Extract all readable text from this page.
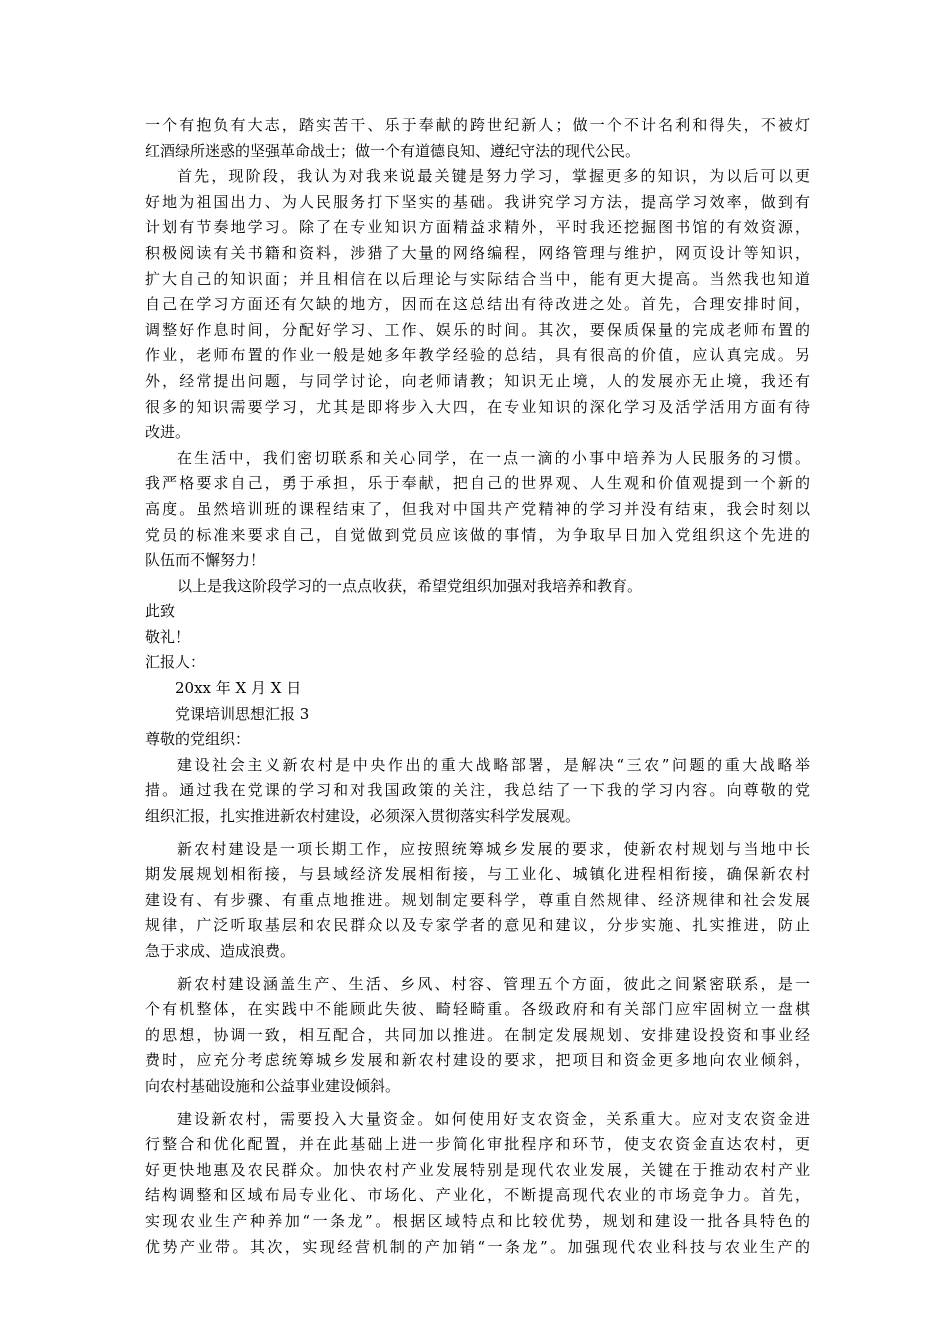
一个有抱负有大志，踏实苦干、乐于奉献的跨世纪新人；做一个不计名利和得失，不被灯
红酒绿所迷惑的坚强革命战士；做一个有道德良知、遵纪守法的现代公民。
首先，现阶段，我认为对我来说最关键是努力学习，掌握更多的知识，为以后可以更
好地为祖国出力、为人民服务打下坚实的基础。我讲究学习方法，提高学习效率，做到有
计划有节奏地学习。除了在专业知识方面精益求精外，平时我还挖掘图书馆的有效资源，
积极阅读有关书籍和资料，涉猎了大量的网络编程，网络管理与维护，网页设计等知识，
扩大自己的知识面；并且相信在以后理论与实际结合当中，能有更大提高。当然我也知道
自己在学习方面还有欠缺的地方，因而在这总结出有待改进之处。首先，合理安排时间，
调整好作息时间，分配好学习、工作、娱乐的时间。其次，要保质保量的完成老师布置的
作业，老师布置的作业一般是她多年教学经验的总结，具有很高的价值，应认真完成。另
外，经常提出问题，与同学讨论，向老师请教；知识无止境，人的发展亦无止境，我还有
很多的知识需要学习，尤其是即将步入大四，在专业知识的深化学习及活学活用方面有待
改进。
在生活中，我们密切联系和关心同学，在一点一滴的小事中培养为人民服务的习惯。
我严格要求自己，勇于承担，乐于奉献，把自己的世界观、人生观和价值观提到一个新的
高度。虽然培训班的课程结束了，但我对中国共产党精神的学习并没有结束，我会时刻以
党员的标准来要求自己，自觉做到党员应该做的事情，为争取早日加入党组织这个先进的
队伍而不懈努力！
以上是我这阶段学习的一点点收获，希望党组织加强对我培养和教育。
此致
敬礼！
汇报人：
20xx 年 X 月 X 日
党课培训思想汇报 3
尊敬的党组织：
建设社会主义新农村是中央作出的重大战略部署，是解决“三农”问题的重大战略举
措。通过我在党课的学习和对我国政策的关注，我总结了一下我的学习内容。向尊敬的党
组织汇报，扎实推进新农村建设，必须深入贯彻落实科学发展观。
新农村建设是一项长期工作，应按照统筹城乡发展的要求，使新农村规划与当地中长
期发展规划相衔接，与县域经济发展相衔接，与工业化、城镇化进程相衔接，确保新农村
建设有、有步骤、有重点地推进。规划制定要科学，尊重自然规律、经济规律和社会发展
规律，广泛听取基层和农民群众以及专家学者的意见和建议，分步实施、扎实推进，防止
急于求成、造成浪费。
新农村建设涵盖生产、生活、乡风、村容、管理五个方面，彼此之间紧密联系，是一
个有机整体，在实践中不能顾此失彼、畸轻畸重。各级政府和有关部门应牢固树立一盘棋
的思想，协调一致，相互配合，共同加以推进。在制定发展规划、安排建设投资和事业经
费时，应充分考虑统筹城乡发展和新农村建设的要求，把项目和资金更多地向农业倾斜，
向农村基础设施和公益事业建设倾斜。
建设新农村，需要投入大量资金。如何使用好支农资金，关系重大。应对支农资金进
行整合和优化配置，并在此基础上进一步简化审批程序和环节，使支农资金直达农村，更
好更快地惠及农民群众。加快农村产业发展特别是现代农业发展，关键在于推动农村产业
结构调整和区域布局专业化、市场化、产业化，不断提高现代农业的市场竞争力。首先，
实现农业生产种养加“一条龙”。根据区域特点和比较优势，规划和建设一批各具特色的
优势产业带。其次，实现经营机制的产加销“一条龙”。加强现代农业科技与农业生产的
